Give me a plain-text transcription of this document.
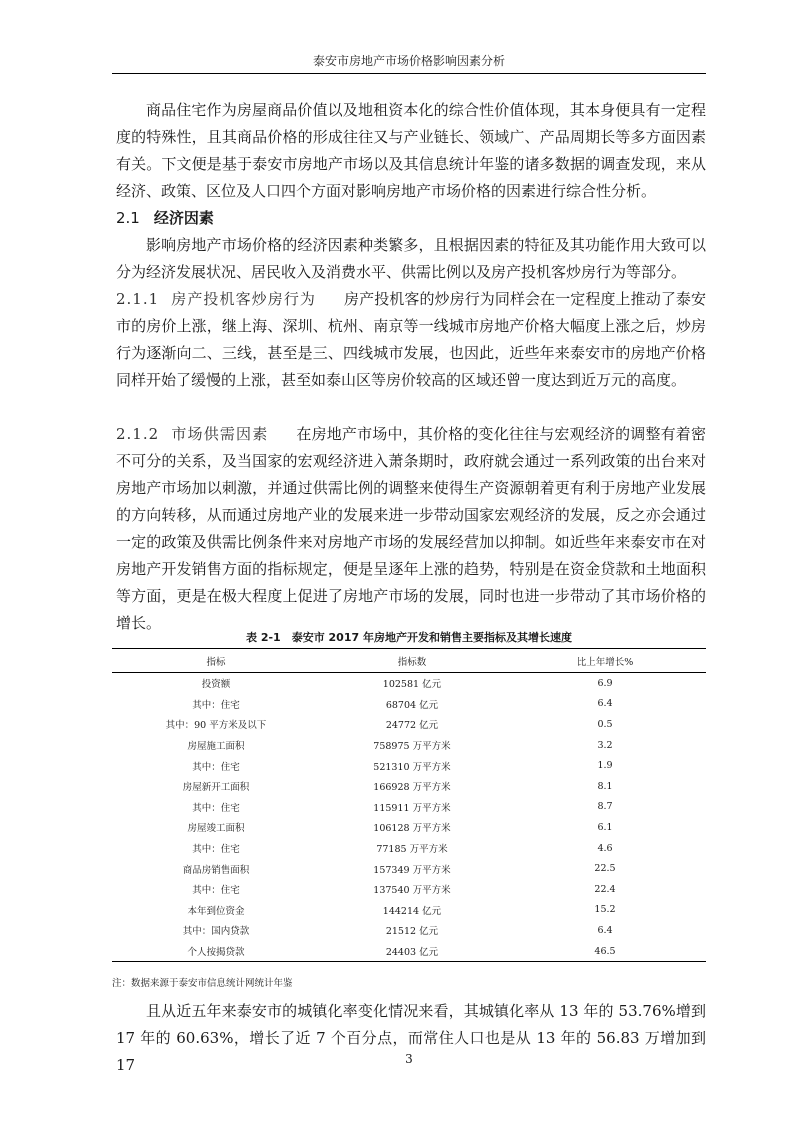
泰安市房地产市场价格影响因素分析

商品住宅作为房屋商品价值以及地租资本化的综合性价值体现，其本身便具有一定程度的特殊性，且其商品价格的形成往往又与产业链长、领域广、产品周期长等多方面因素有关。下文便是基于泰安市房地产市场以及其信息统计年鉴的诸多数据的调查发现，来从经济、政策、区位及人口四个方面对影响房地产市场价格的因素进行综合性分析。

2.1 经济因素

影响房地产市场价格的经济因素种类繁多，且根据因素的特征及其功能作用大致可以分为经济发展状况、居民收入及消费水平、供需比例以及房产投机客炒房行为等部分。

2.1.1 房产投机客炒房行为 房产投机客的炒房行为同样会在一定程度上推动了泰安市的房价上涨，继上海、深圳、杭州、南京等一线城市房地产价格大幅度上涨之后，炒房行为逐渐向二、三线，甚至是三、四线城市发展，也因此，近些年来泰安市的房地产价格同样开始了缓慢的上涨，甚至如泰山区等房价较高的区域还曾一度达到近万元的高度。

2.1.2 市场供需因素 在房地产市场中，其价格的变化往往与宏观经济的调整有着密不可分的关系，及当国家的宏观经济进入萧条期时，政府就会通过一系列政策的出台来对房地产市场加以刺激，并通过供需比例的调整来使得生产资源朝着更有利于房地产业发展的方向转移，从而通过房地产业的发展来进一步带动国家宏观经济的发展，反之亦会通过一定的政策及供需比例条件来对房地产市场的发展经营加以抑制。如近些年来泰安市在对房地产开发销售方面的指标规定，便是呈逐年上涨的趋势，特别是在资金贷款和土地面积等方面，更是在极大程度上促进了房地产市场的发展，同时也进一步带动了其市场价格的增长。

表 2-1　泰安市 2017 年房地产开发和销售主要指标及其增长速度
指标	指标数	比上年增长%
投资额	102581 亿元	6.9
其中：住宅	68704 亿元	6.4
其中：90 平方米及以下	24772 亿元	0.5
房屋施工面积	758975 万平方米	3.2
其中：住宅	521310 万平方米	1.9
房屋新开工面积	166928 万平方米	8.1
其中：住宅	115911 万平方米	8.7
房屋竣工面积	106128 万平方米	6.1
其中：住宅	77185 万平方米	4.6
商品房销售面积	157349 万平方米	22.5
其中：住宅	137540 万平方米	22.4
本年到位资金	144214 亿元	15.2
其中：国内贷款	21512 亿元	6.4
个人按揭贷款	24403 亿元	46.5
注：数据来源于泰安市信息统计网统计年鉴

且从近五年来泰安市的城镇化率变化情况来看，其城镇化率从 13 年的 53.76%增到 17 年的 60.63%，增长了近 7 个百分点，而常住人口也是从 13 年的 56.83 万增加到 17	3
